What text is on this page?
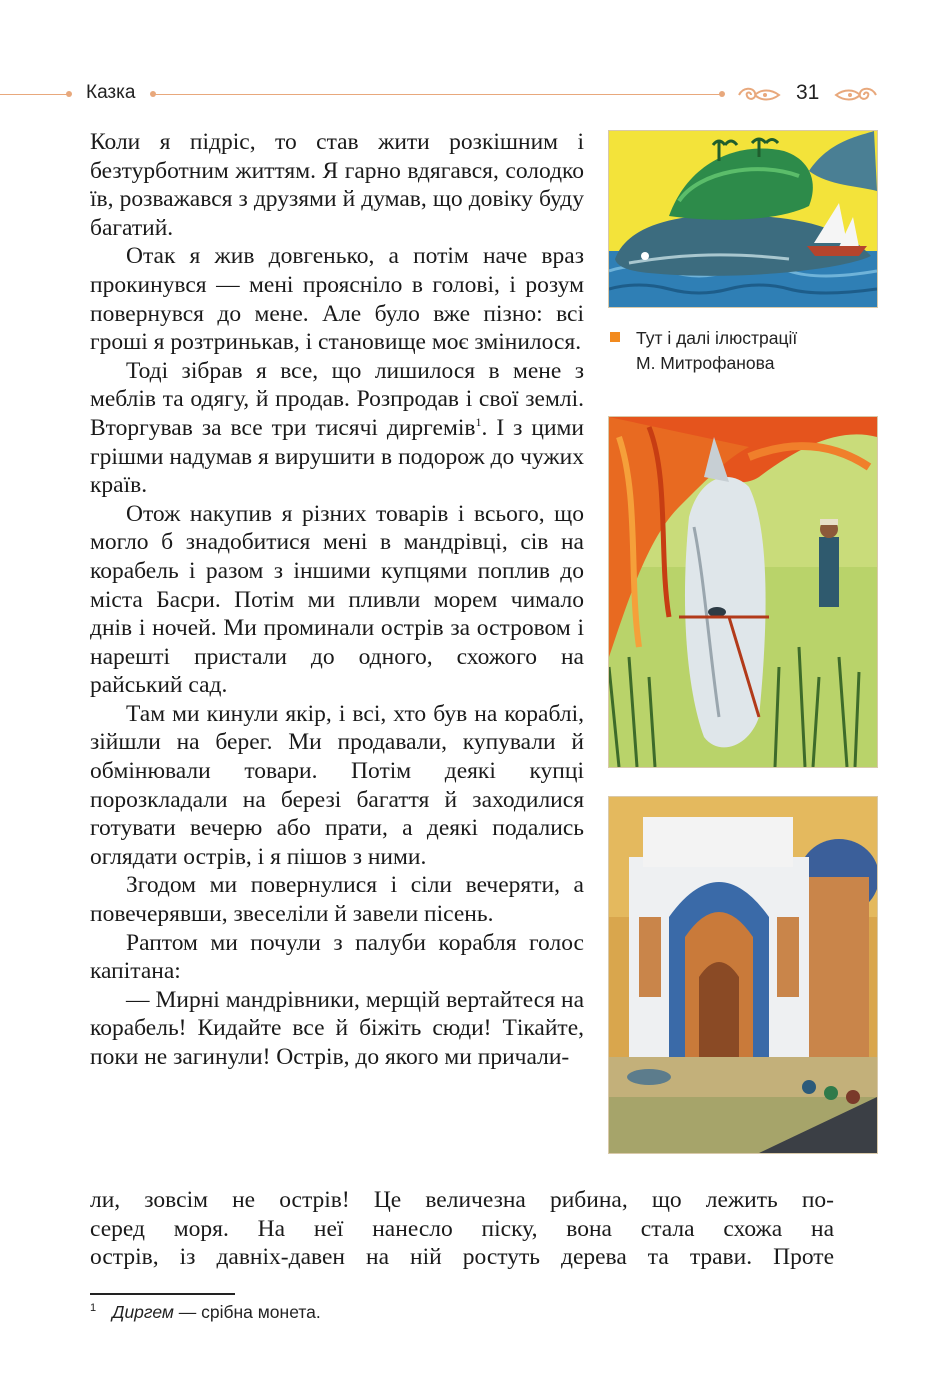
Казка	31

Коли я підріс, то став жити розкішним і безтурботним життям. Я гарно вдягався, солодко їв, розважався з друзями й думав, що довіку буду багатий.

Отак я жив довгенько, а потім наче враз прокинувся — мені прояснiло в голові, і розум повернувся до мене. Але було вже пізно: всі гроші я розтринькав, і становище моє змінилося.

Тоді зібрав я все, що лишилося в мене з меблів та одягу, й продав. Розпродав і свої землі. Вторгував за все три тисячі диргемів$^1$. І з цими грішми надумав я вирушити в подорож до чужих країв.

Отож накупив я різних товарів і всього, що могло б знадобитися мені в мандрівці, сів на корабель і разом з іншими купцями поплив до міста Басри. Потім ми пливли морем чимало днів і ночей. Ми проминали острів за островом і нарешті пристали до одного, схожого на райський сад.

Там ми кинули якір, і всі, хто був на кораблі, зійшли на берег. Ми продавали, купували й обмінювали товари. Потім деякі купці порозкладали на березі багаття й заходилися готувати вечерю або прати, а деякі подались оглядати острів, і я пішов з ними.

Згодом ми повернулися і сіли вечеряти, а повечерявши, звеселіли й завели пісень.

Раптом ми почули з палуби корабля голос капітана:

— Мирні мандрівники, мерщій вертайтеся на корабель! Кидайте все й біжіть сюди! Тікайте, поки не загинули! Острів, до якого ми причали-

ли, зовсім не острів! Це величезна рибина, що лежить по-

серед моря. На неї нанесло піску, вона стала схожа на

острів, із давніх-давен на ній ростуть дерева та трави. Проте

Тут і далі ілюстрації
М. Митрофанова
$^1$ Диргем — срібна монета.
